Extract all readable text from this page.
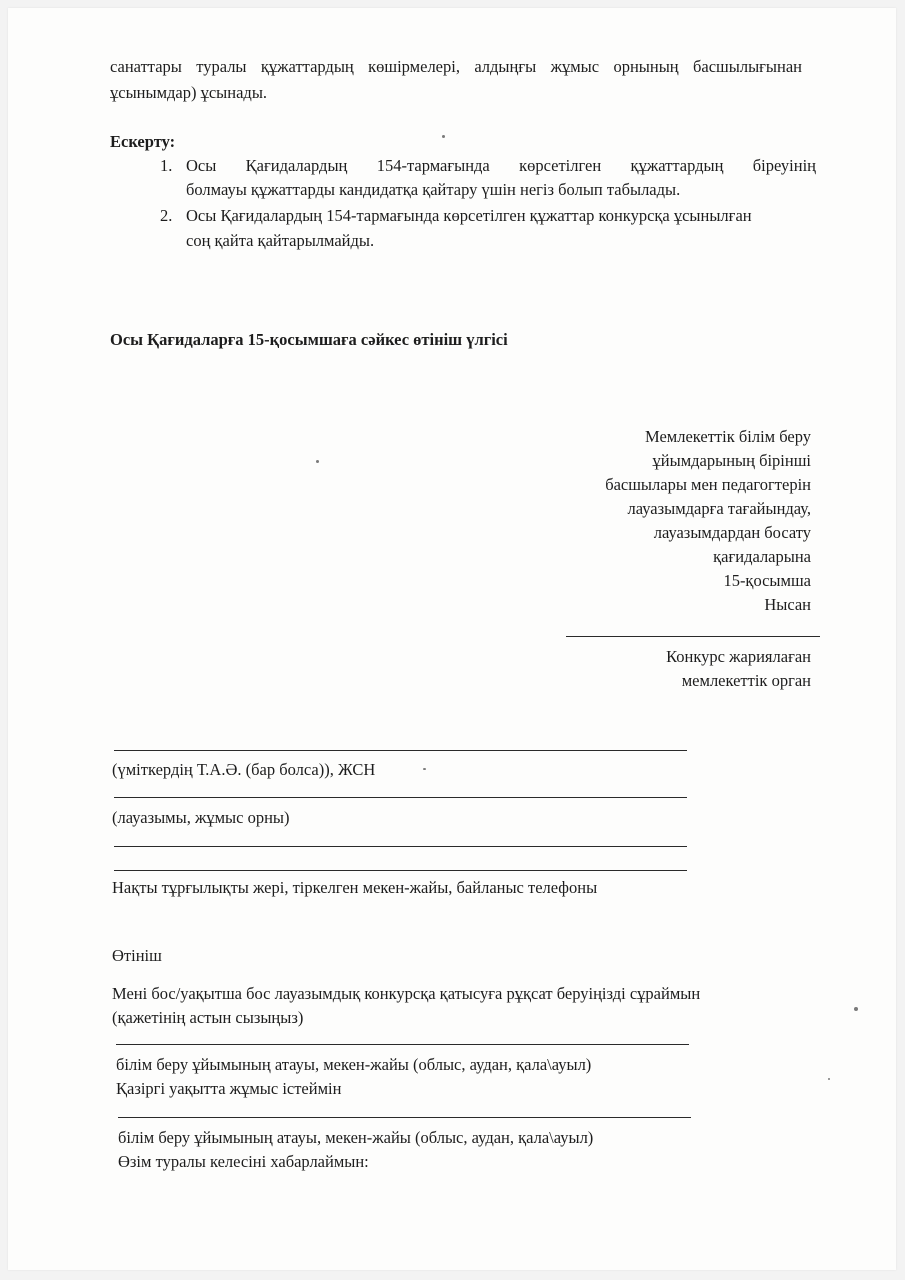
санаттары туралы құжаттардың көшірмелері, алдыңғы жұмыс орнының басшылығынан
ұсынымдар) ұсынады.
Ескерту:
1. Осы Қағидалардың 154-тармағында көрсетілген құжаттардың біреуінің
болмауы құжаттарды кандидатқа қайтару үшін негіз болып табылады.
2. Осы Қағидалардың 154-тармағында көрсетілген құжаттар конкурсқа ұсынылған
соң қайта қайтарылмайды.
Осы Қағидаларға 15-қосымшаға сәйкес өтініш үлгісі
Мемлекеттік білім беру
ұйымдарының бірінші
басшылары мен педагогтерін
лауазымдарға тағайындау,
лауазымдардан босату
қағидаларына
15-қосымша
Нысан
Конкурс жариялаған
мемлекеттік орган
(үміткердің Т.А.Ә. (бар болса)), ЖСН
(лауазымы, жұмыс орны)
Нақты тұрғылықты жері, тіркелген мекен-жайы, байланыс телефоны
Өтініш
Мені бос/уақытша бос лауазымдық конкурсқа қатысуға рұқсат беруіңізді сұраймын
(қажетінің астын сызыңыз)
білім беру ұйымының атауы, мекен-жайы (облыс, аудан, қала\ауыл)
Қазіргі уақытта жұмыс істеймін
білім беру ұйымының атауы, мекен-жайы (облыс, аудан, қала\ауыл)
Өзім туралы келесіні хабарлаймын:
